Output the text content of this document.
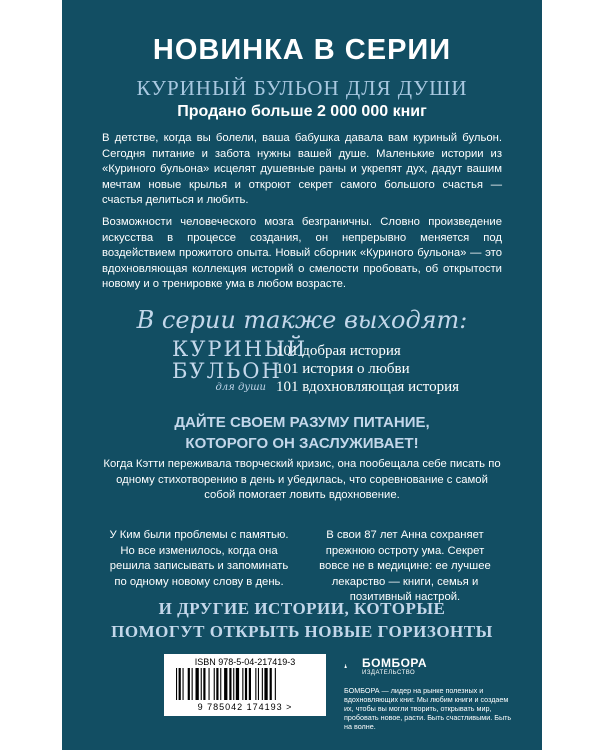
НОВИНКА В СЕРИИ
КУРИНЫЙ БУЛЬОН ДЛЯ ДУШИ
Продано больше 2 000 000 книг
В детстве, когда вы болели, ваша бабушка давала вам куриный бульон. Сегодня питание и забота нужны вашей душе. Маленькие истории из «Куриного бульона» исцелят душевные раны и укрепят дух, дадут вашим мечтам новые крылья и откроют секрет самого большого счастья — счастья делиться и любить.
Возможности человеческого мозга безграничны. Словно произведение искусства в процессе создания, он непрерывно меняется под воздействием прожитого опыта. Новый сборник «Куриного бульона» — это вдохновляющая коллекция историй о смелости пробовать, об открытости новому и о тренировке ума в любом возрасте.
В серии также выходят:
КУРИНЫЙ
БУЛЬОН
для души
101 добрая история
101 история о любви
101 вдохновляющая история
ДАЙТЕ СВОЕМ РАЗУМУ ПИТАНИЕ,
КОТОРОГО ОН ЗАСЛУЖИВАЕТ!
Когда Кэтти переживала творческий кризис, она пообещала себе писать по одному стихотворению в день и убедилась, что соревнование с самой собой помогает ловить вдохновение.
У Ким были проблемы с памятью. Но все изменилось, когда она решила записывать и запоминать по одному новому слову в день.
В свои 87 лет Анна сохраняет прежнюю остроту ума. Секрет вовсе не в медицине: ее лучшее лекарство — книги, семья и позитивный настрой.
И ДРУГИЕ ИСТОРИИ, КОТОРЫЕ
ПОМОГУТ ОТКРЫТЬ НОВЫЕ ГОРИЗОНТЫ
ISBN 978-5-04-217419-3
9 785042 174193 >
БОМБОРА
ИЗДАТЕЛЬСТВО
БОМБОРА — лидер на рынке полезных и вдохновляющих книг. Мы любим книги и создаем их, чтобы вы могли творить, открывать мир, пробовать новое, расти. Быть счастливыми. Быть на волне.
